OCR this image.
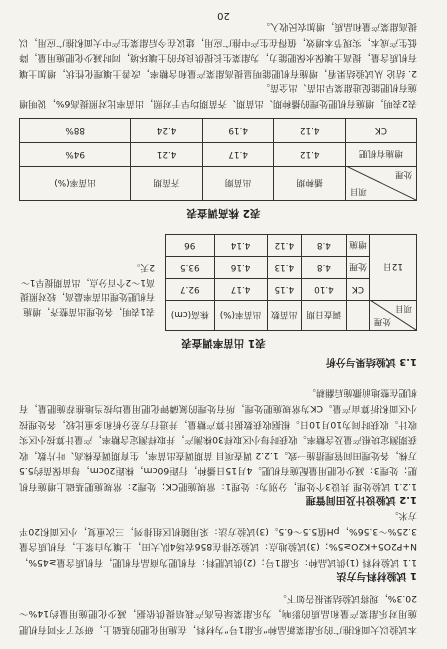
本试验以大面积推广的乐甜菜新品种“乐甜1号”为材料，在施用化肥的基础上，研究了不同有机肥施用对乐甜菜产量和品质的影响，为乐甜菜绿色高产栽培提供依据，减少化肥施用量约14%～20.3%，现将试验结果报告如下。

1 试验材料与方法

1.1 试验材料 (1)供试品种：乐甜1号；(2)供试肥料：有机肥为商品有机肥，有机质含量≥45%，N+P2O5+K2O≥5%；(3)试验地点：试验安排在856农场4队大田，土壤为白浆土，有机质含量3.25%～3.56%，pH值5.5～6.5。(3)试验方法：采用随机区组排列，三次重复，小区面积20平方米。

1.2 试验设计及田间管理

1.2.1 试验处理 共设3个处理，分别为：处理1：常规施肥CK；处理2：常规施肥基础上增施有机肥；处理3：减少化肥用量配施有机肥。4月15日播种，行距60cm，株距20cm，每亩保苗约5.5万株，各处理田间管理措施一致。1.2.2 调查项目 苗期调查出苗率，生育期调查株高、叶片数，收获期测定块根产量及含糖率。收获时每小区取样30株测产，并取样测定含糖率，产量计算按小区实收计。收获时间为10月10日。根据收获数据计算产糖量，并进行方差分析和多重比较，各处理按小区面积折算亩产量。CK为常规施肥处理，所有处理的氮磷钾化肥用量均按当地推荐施肥量，有机肥在整地前撒施后翻耕。

1.3 试验结果与分析

表1 出苗率调查表
处理
项目		调查日期	出苗数	出苗率(%)	株高(cm)
12日	CK	4.10	4.15	4.17	92.7
	处理	4.8	4.13	4.16	93.5
	增施	4.8	4.12	4.14	96

表1表明，各处理出苗整齐，增施有机肥处理出苗率最高，较对照提高1～2个百分点，出苗期提早1～2天。

表2 株高调查表
项目
处理	播种期	出苗期	齐苗期	出苗率(%)
增施有机肥	4.12	4.17	4.21	94%
CK	4.12	4.19	4.24	88%

表2表明，增施有机肥处理的播种期、出苗期、齐苗期均早于对照，出苗率比对照提高6%，说明增施有机肥能促进甜菜早出苗、出全苗。

2. 结论 从试验结果看，增施有机肥能明显提高甜菜产量和含糖率，改善土壤理化性状，增加土壤有机质含量，提高土壤保水保肥能力，为甜菜生长提供良好的土壤环境，同时减少化肥施用量，降低生产成本，实现节本增效，值得在生产中推广应用，建议在今后甜菜生产中大面积推广应用，以提高甜菜产量和品质，增加农民收入。

20
